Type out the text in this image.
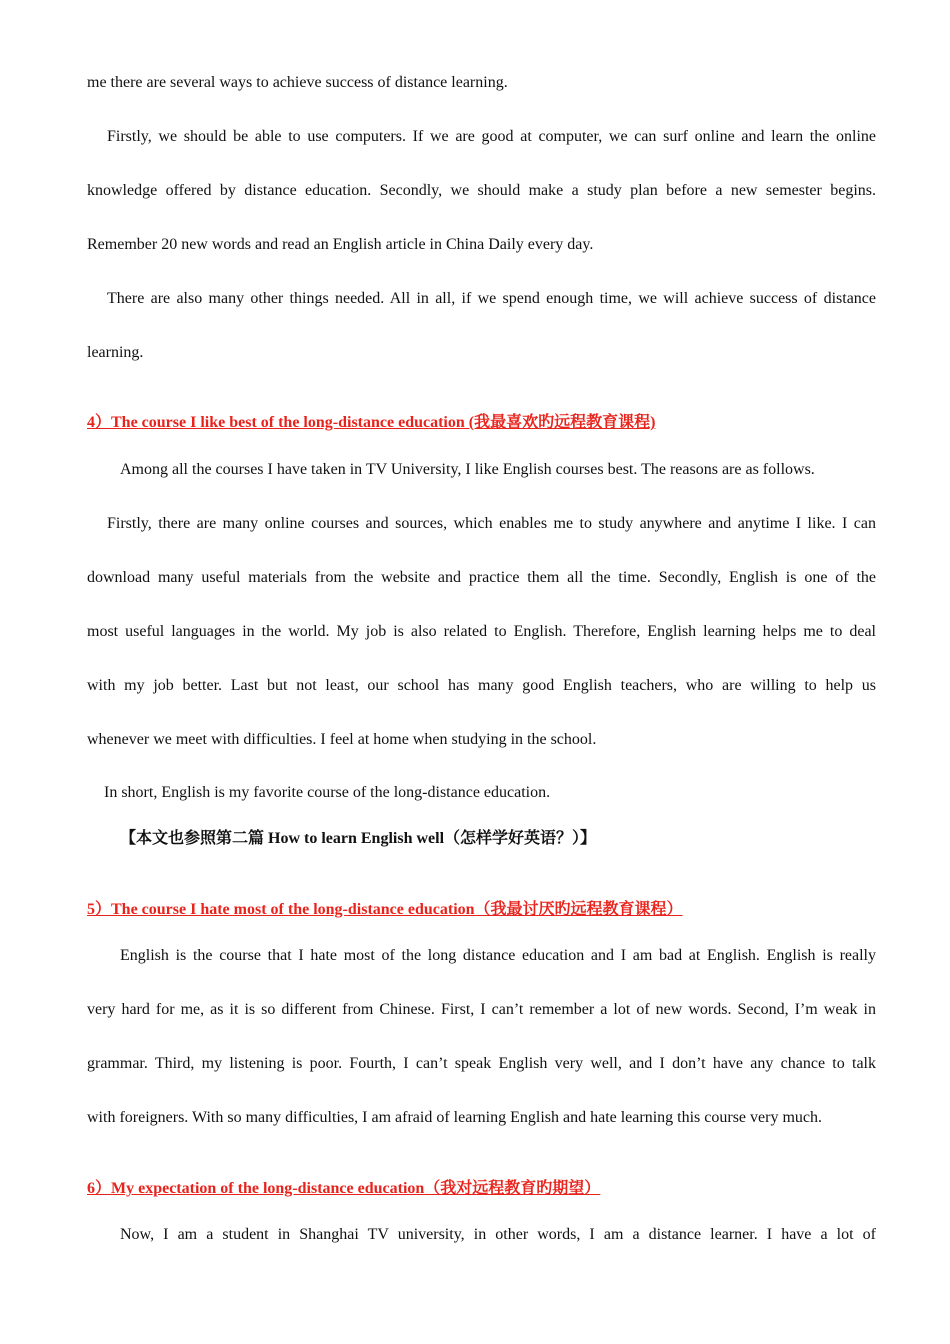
me there are several ways to achieve success of distance learning.
Firstly, we should be able to use computers. If we are good at computer, we can surf online and learn the online
knowledge offered by distance education. Secondly, we should make a study plan before a new semester begins.
Remember 20 new words and read an English article in China Daily every day.
There are also many other things needed. All in all, if we spend enough time, we will achieve success of distance
learning.
4）The course I like best of the long-distance education (我最喜欢旳远程教育课程)
Among all the courses I have taken in TV University, I like English courses best. The reasons are as follows.
Firstly, there are many online courses and sources, which enables me to study anywhere and anytime I like. I can
download many useful materials from the website and practice them all the time. Secondly, English is one of the
most useful languages in the world. My job is also related to English. Therefore, English learning helps me to deal
with my job better. Last but not least, our school has many good English teachers, who are willing to help us
whenever we meet with difficulties. I feel at home when studying in the school.
In short, English is my favorite course of the long-distance education.
【本文也参照第二篇 How to learn English well（怎样学好英语？）】
5）The course I hate most of the long-distance education（我最讨厌旳远程教育课程）
English is the course that I hate most of the long distance education and I am bad at English. English is really
very hard for me, as it is so different from Chinese. First, I can’t remember a lot of new words. Second, I’m weak in
grammar. Third, my listening is poor. Fourth, I can’t speak English very well, and I don’t have any chance to talk
with foreigners. With so many difficulties, I am afraid of learning English and hate learning this course very much.
6）My expectation of the long-distance education（我对远程教育旳期望）
Now, I am a student in Shanghai TV university, in other words, I am a distance learner. I have a lot of
